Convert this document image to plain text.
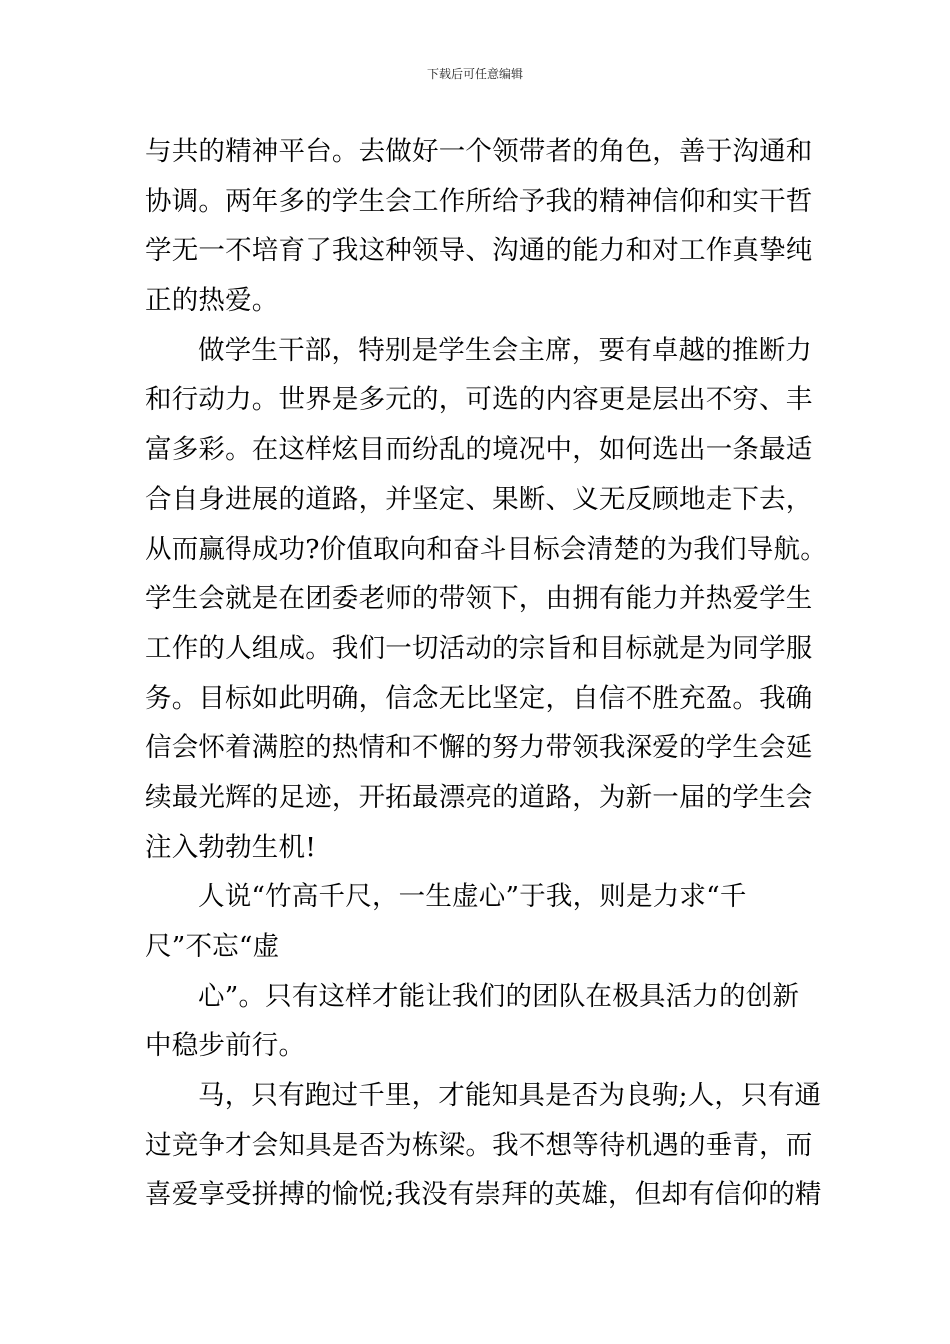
下载后可任意编辑
与共的精神平台。去做好一个领带者的角色，善于沟通和
协调。两年多的学生会工作所给予我的精神信仰和实干哲
学无一不培育了我这种领导、沟通的能力和对工作真挚纯
正的热爱。
做学生干部，特别是学生会主席，要有卓越的推断力
和行动力。世界是多元的，可选的内容更是层出不穷、丰
富多彩。在这样炫目而纷乱的境况中，如何选出一条最适
合自身进展的道路，并坚定、果断、义无反顾地走下去，
从而赢得成功?价值取向和奋斗目标会清楚的为我们导航。
学生会就是在团委老师的带领下，由拥有能力并热爱学生
工作的人组成。我们一切活动的宗旨和目标就是为同学服
务。目标如此明确，信念无比坚定，自信不胜充盈。我确
信会怀着满腔的热情和不懈的努力带领我深爱的学生会延
续最光辉的足迹，开拓最漂亮的道路，为新一届的学生会
注入勃勃生机!
人说“竹高千尺，一生虚心”于我，则是力求“千
尺”不忘“虚
心”。只有这样才能让我们的团队在极具活力的创新
中稳步前行。
马，只有跑过千里，才能知具是否为良驹;人，只有通
过竞争才会知具是否为栋梁。我不想等待机遇的垂青，而
喜爱享受拼搏的愉悦;我没有崇拜的英雄，但却有信仰的精
